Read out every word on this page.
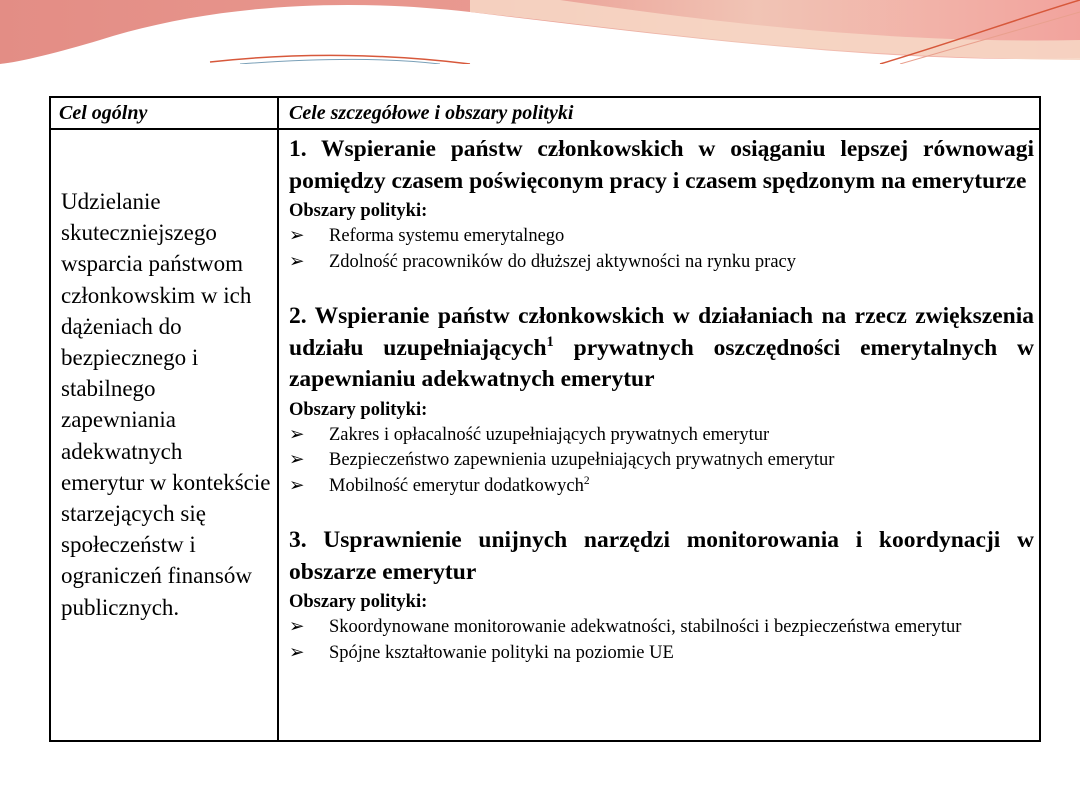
Cel ogólny	Cele szczegółowe i obszary polityki
Udzielanie skuteczniejszego wsparcia państwom członkowskim w ich dążeniach do bezpiecznego i stabilnego zapewniania adekwatnych emerytur w kontekście starzejących się społeczeństw i ograniczeń finansów publicznych.

1. Wspieranie państw członkowskich w osiąganiu lepszej równowagi pomiędzy czasem poświęconym pracy i czasem spędzonym na emeryturze

Obszary polityki:
➢ Reforma systemu emerytalnego
➢ Zdolność pracowników do dłuższej aktywności na rynku pracy

2. Wspieranie państw członkowskich w działaniach na rzecz zwiększenia udziału uzupełniających$^1$ prywatnych oszczędności emerytalnych w zapewnianiu adekwatnych emerytur

Obszary polityki:
➢ Zakres i opłacalność uzupełniających prywatnych emerytur
➢ Bezpieczeństwo zapewnienia uzupełniających prywatnych emerytur
➢ Mobilność emerytur dodatkowych$^2$

3. Usprawnienie unijnych narzędzi monitorowania i koordynacji w obszarze emerytur

Obszary polityki:
➢ Skoordynowane monitorowanie adekwatności, stabilności i bezpieczeństwa emerytur
➢ Spójne kształtowanie polityki na poziomie UE
